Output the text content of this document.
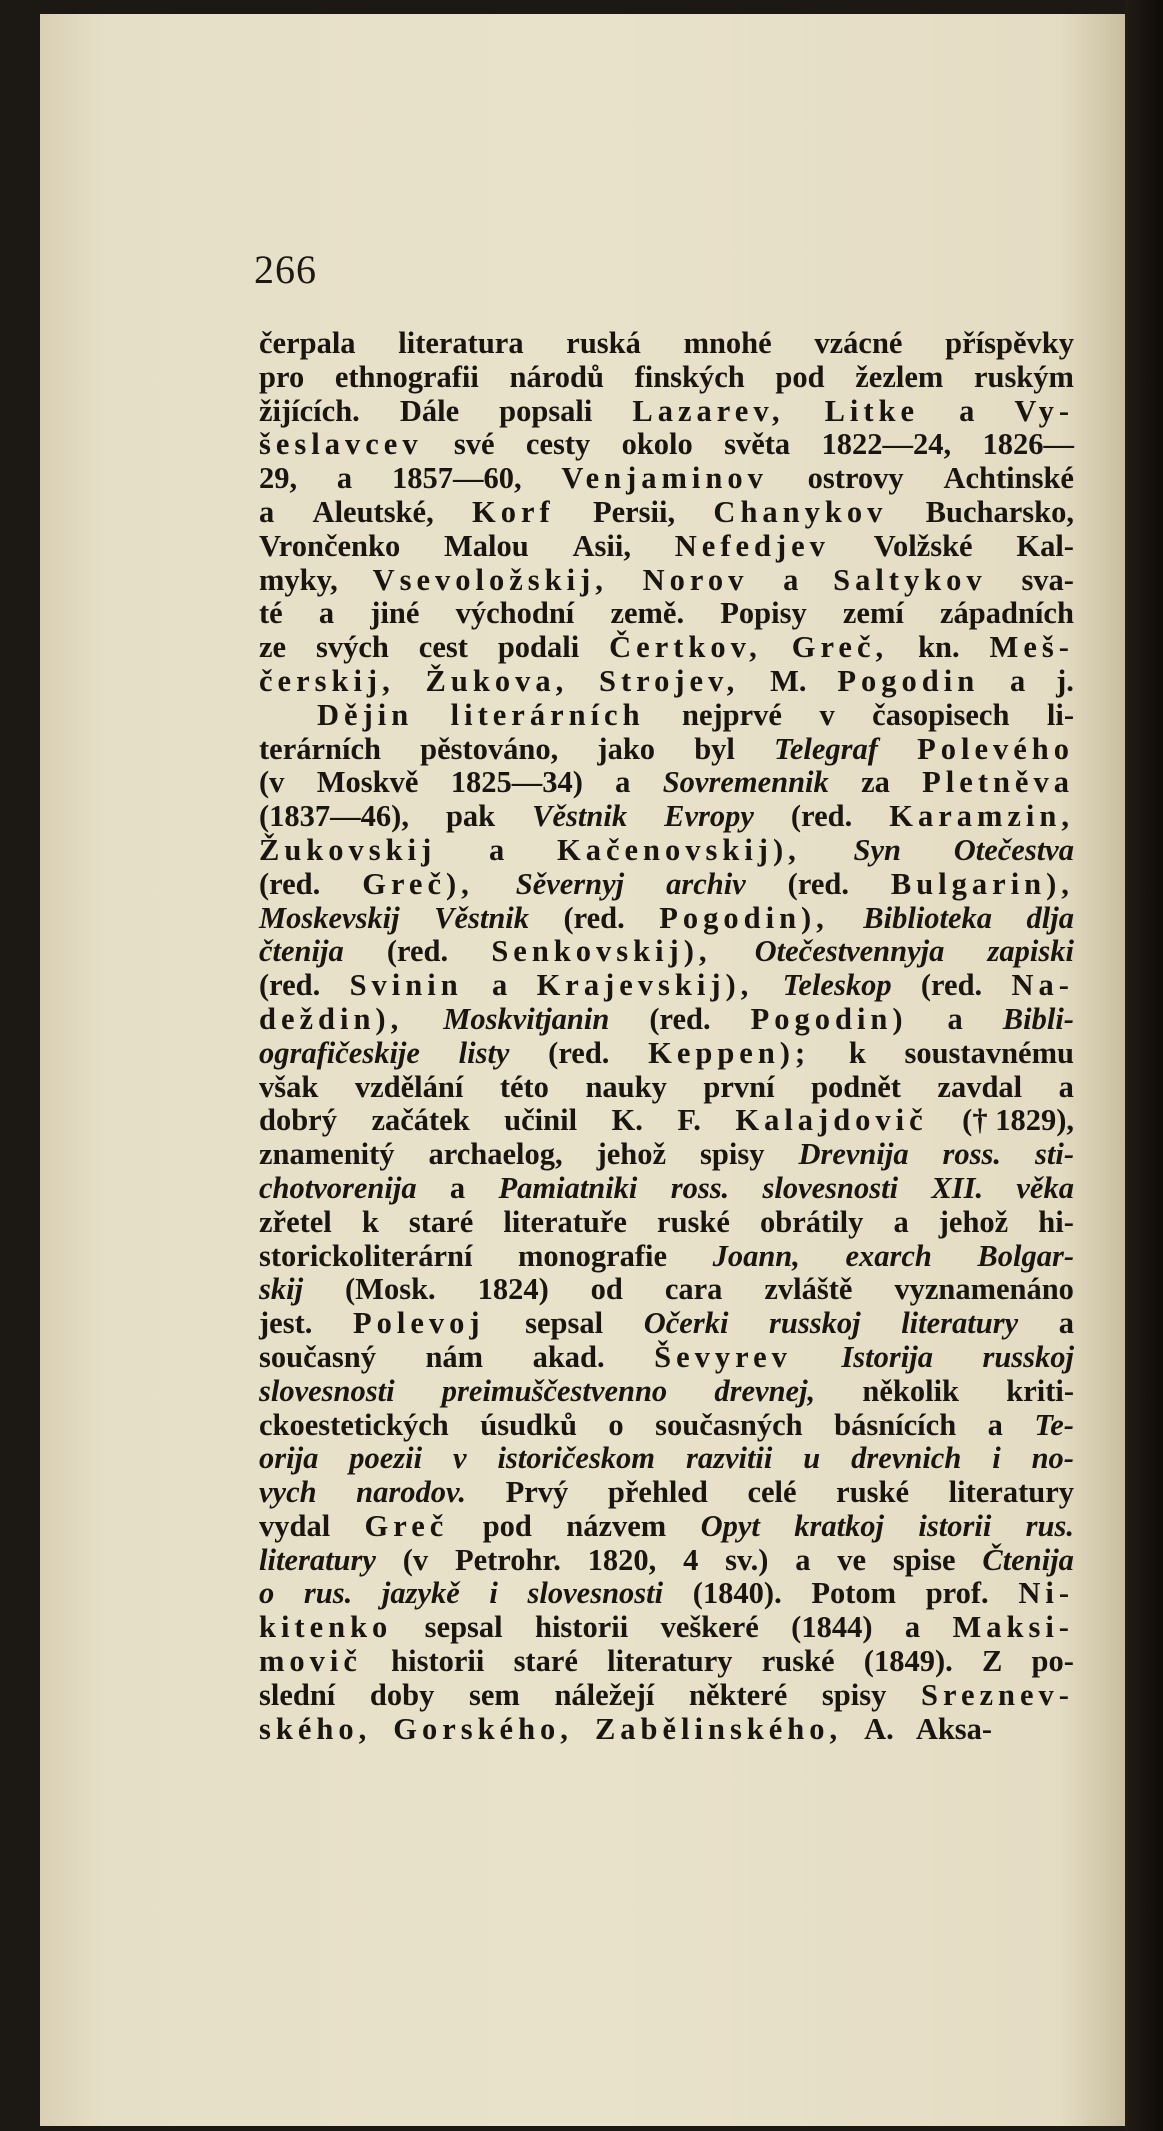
266
čerpala literatura ruská mnohé vzácné příspěvky
pro ethnografii národů finských pod žezlem ruským
žijících. Dále popsali Lazarev, Litke a Vy-
šeslavcev své cesty okolo světa 1822—24, 1826—
29, a 1857—60, Venjaminov ostrovy Achtinské
a Aleutské, Korf Persii, Chanykov Bucharsko,
Vrončenko Malou Asii, Nefedjev Volžské Kal-
myky, Vsevoložskij, Norov a Saltykov sva-
té a jiné východní země. Popisy zemí západních
ze svých cest podali Čertkov, Greč, kn. Meš-
čerskij, Žukova, Strojev, M. Pogodin a j.
Dějin literárních nejprvé v časopisech li-
terárních pěstováno, jako byl Telegraf Polevého
(v Moskvě 1825—34) a Sovremennik za Pletněva
(1837—46), pak Věstnik Evropy (red. Karamzin,
Žukovskij a Kačenovskij), Syn Otečestva
(red. Greč), Sěvernyj archiv (red. Bulgarin),
Moskevskij Věstnik (red. Pogodin), Biblioteka dlja
čtenija (red. Senkovskij), Otečestvennyja zapiski
(red. Svinin a Krajevskij), Teleskop (red. Na-
deždin), Moskvitjanin (red. Pogodin) a Bibli-
ografičeskije listy (red. Keppen); k soustavnému
však vzdělání této nauky první podnět zavdal a
dobrý začátek učinil K. F. Kalajdovič († 1829),
znamenitý archaelog, jehož spisy Drevnija ross. sti-
chotvorenija a Pamiatniki ross. slovesnosti XII. věka
zřetel k staré literatuře ruské obrátily a jehož hi-
storickoliterární monografie Joann, exarch Bolgar-
skij (Mosk. 1824) od cara zvláště vyznamenáno
jest. Polevoj sepsal Očerki russkoj literatury a
současný nám akad. Ševyrev Istorija russkoj
slovesnosti preimuščestvenno drevnej, několik kriti-
ckoestetických úsudků o současných básnících a Te-
orija poezii v istoričeskom razvitii u drevnich i no-
vych narodov. Prvý přehled celé ruské literatury
vydal Greč pod názvem Opyt kratkoj istorii rus.
literatury (v Petrohr. 1820, 4 sv.) a ve spise Čtenija
o rus. jazykě i slovesnosti (1840). Potom prof. Ni-
kitenko sepsal historii veškeré (1844) a Maksi-
movič historii staré literatury ruské (1849). Z po-
slední doby sem náležejí některé spisy Sreznev-
ského, Gorského, Zabělinského, A. Aksa-
